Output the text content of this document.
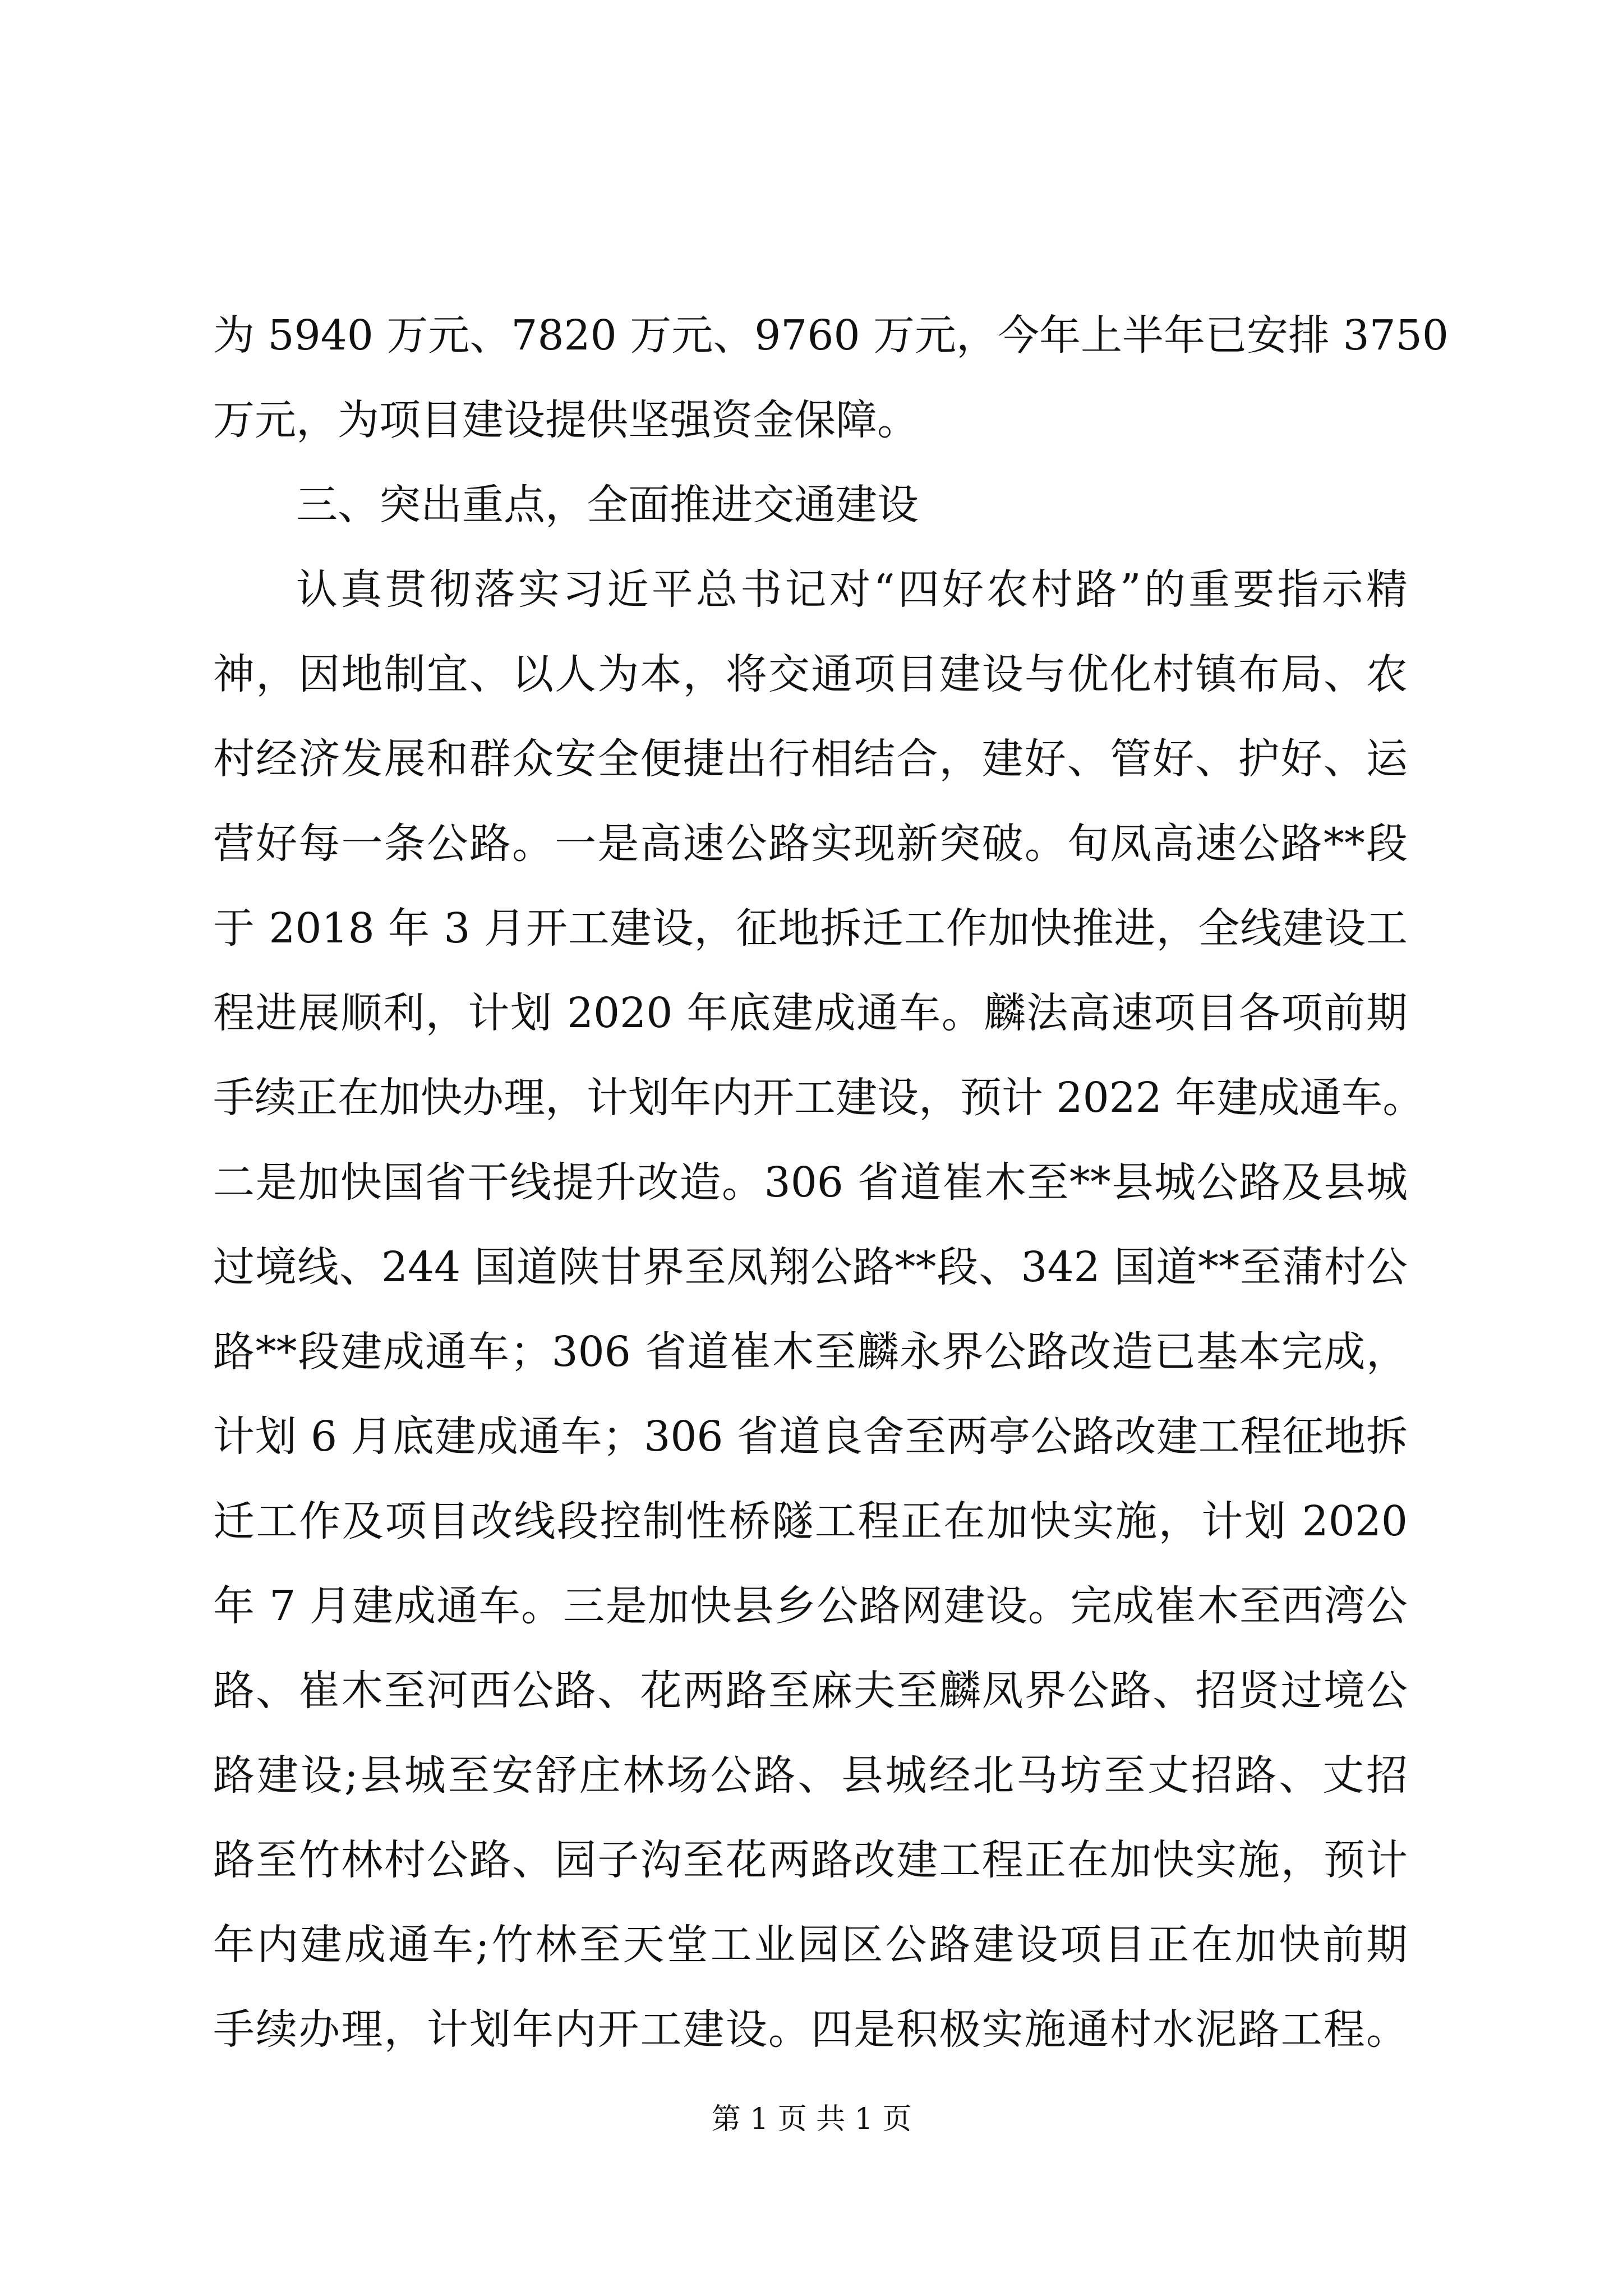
为 5940 万元、7820 万元、9760 万元，今年上半年已安排 3750
万元，为项目建设提供坚强资金保障。
三、突出重点，全面推进交通建设
认真贯彻落实习近平总书记对“四好农村路”的重要指示精
神，因地制宜、以人为本，将交通项目建设与优化村镇布局、农
村经济发展和群众安全便捷出行相结合，建好、管好、护好、运
营好每一条公路。一是高速公路实现新突破。旬凤高速公路**段
于 2018 年 3 月开工建设，征地拆迁工作加快推进，全线建设工
程进展顺利，计划 2020 年底建成通车。麟法高速项目各项前期
手续正在加快办理，计划年内开工建设，预计 2022 年建成通车。
二是加快国省干线提升改造。306 省道崔木至**县城公路及县城
过境线、244 国道陕甘界至凤翔公路**段、342 国道**至蒲村公
路**段建成通车；306 省道崔木至麟永界公路改造已基本完成，
计划 6 月底建成通车；306 省道良舍至两亭公路改建工程征地拆
迁工作及项目改线段控制性桥隧工程正在加快实施，计划 2020
年 7 月建成通车。三是加快县乡公路网建设。完成崔木至西湾公
路、崔木至河西公路、花两路至麻夫至麟凤界公路、招贤过境公
路建设;县城至安舒庄林场公路、县城经北马坊至丈招路、丈招
路至竹林村公路、园子沟至花两路改建工程正在加快实施，预计
年内建成通车;竹林至天堂工业园区公路建设项目正在加快前期
手续办理，计划年内开工建设。四是积极实施通村水泥路工程。
第 1 页 共 1 页
